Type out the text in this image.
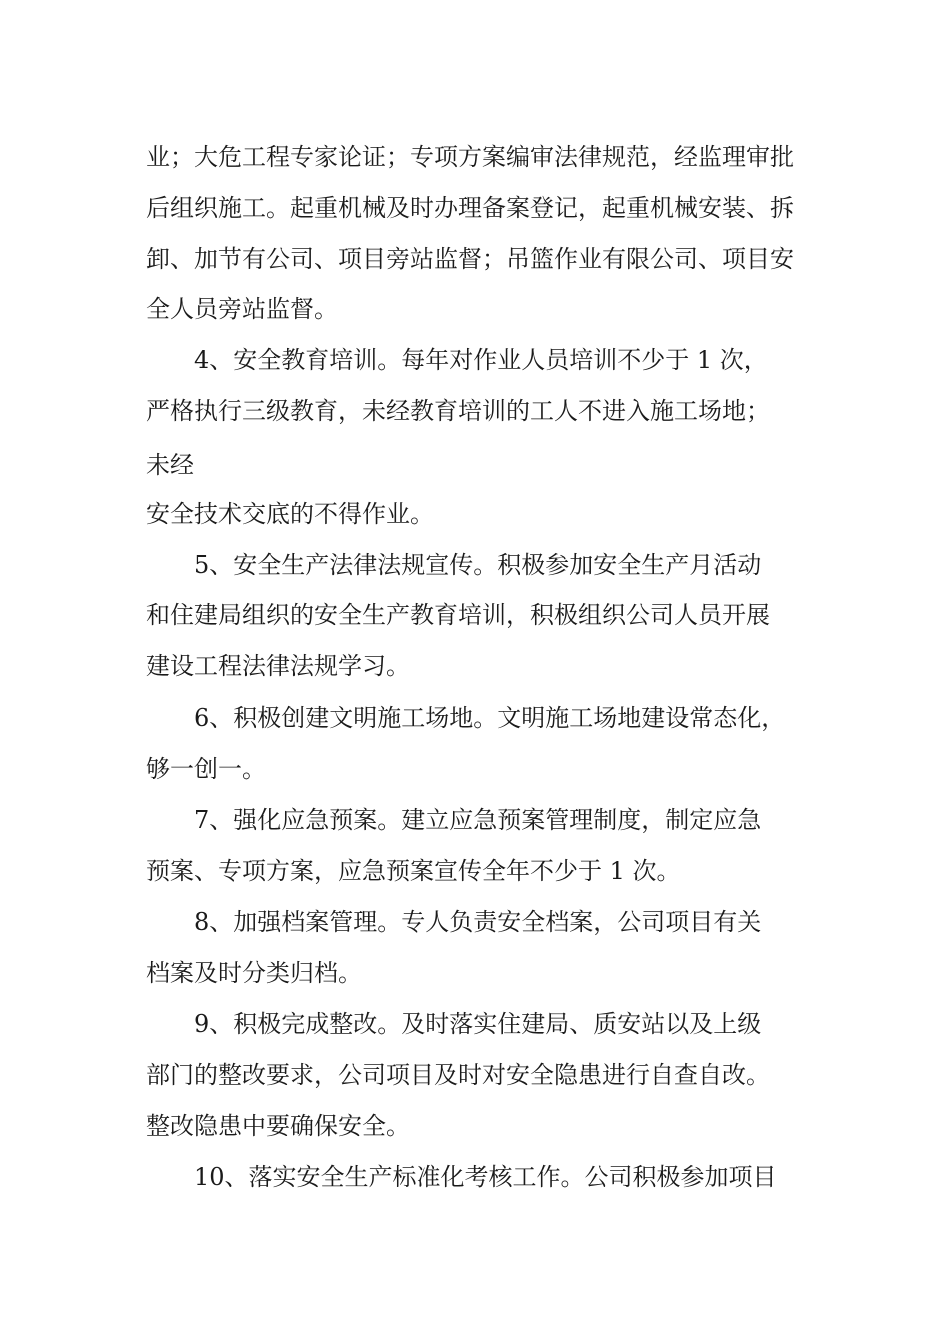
业；大危工程专家论证；专项方案编审法律规范，经监理审批

后组织施工。起重机械及时办理备案登记，起重机械安装、拆

卸、加节有公司、项目旁站监督；吊篮作业有限公司、项目安

全人员旁站监督。

4、安全教育培训。每年对作业人员培训不少于 1 次，

严格执行三级教育，未经教育培训的工人不进入施工场地；

未经

安全技术交底的不得作业。

5、安全生产法律法规宣传。积极参加安全生产月活动

和住建局组织的安全生产教育培训，积极组织公司人员开展

建设工程法律法规学习。

6、积极创建文明施工场地。文明施工场地建设常态化，

够一创一。

7、强化应急预案。建立应急预案管理制度，制定应急

预案、专项方案，应急预案宣传全年不少于 1 次。

8、加强档案管理。专人负责安全档案，公司项目有关

档案及时分类归档。

9、积极完成整改。及时落实住建局、质安站以及上级

部门的整改要求，公司项目及时对安全隐患进行自查自改。

整改隐患中要确保安全。

10、落实安全生产标准化考核工作。公司积极参加项目
